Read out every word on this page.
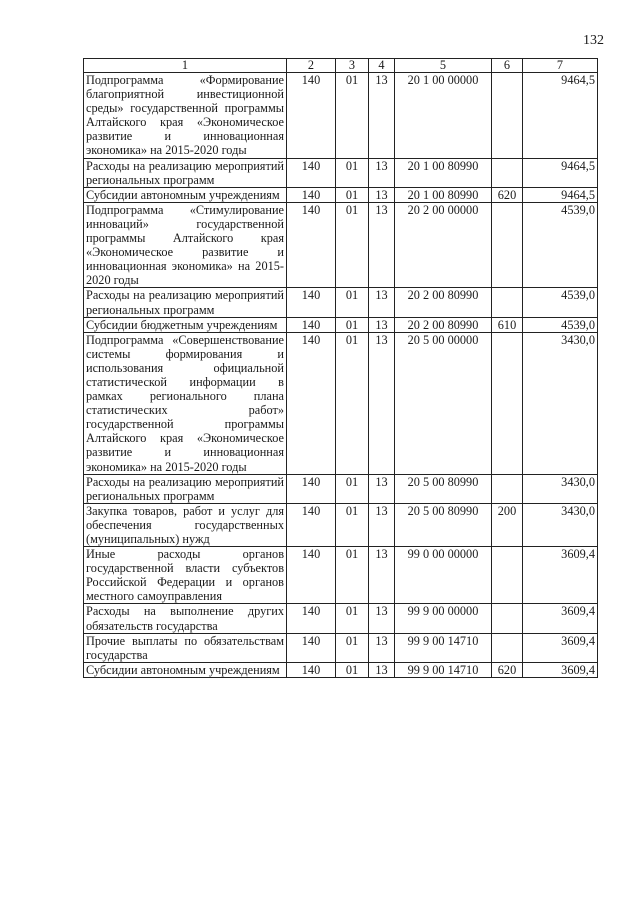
132
1	2	3	4	5	6	7
Подпрограмма «Формирование благоприятной инвестиционной среды» государственной программы Алтайского края «Экономическое развитие и инновационная экономика» на 2015-2020 годы	140	01	13	20 1 00 00000		9464,5
Расходы на реализацию мероприятий региональных программ	140	01	13	20 1 00 80990		9464,5
Субсидии автономным учреждениям	140	01	13	20 1 00 80990	620	9464,5
Подпрограмма «Стимулирование инноваций» государственной программы Алтайского края «Экономическое развитие и инновационная экономика» на 2015-2020 годы	140	01	13	20 2 00 00000		4539,0
Расходы на реализацию мероприятий региональных программ	140	01	13	20 2 00 80990		4539,0
Субсидии бюджетным учреждениям	140	01	13	20 2 00 80990	610	4539,0
Подпрограмма «Совершенствование системы формирования и использования официальной статистической информации в рамках регионального плана статистических работ» государственной программы Алтайского края «Экономическое развитие и инновационная экономика» на 2015-2020 годы	140	01	13	20 5 00 00000		3430,0
Расходы на реализацию мероприятий региональных программ	140	01	13	20 5 00 80990		3430,0
Закупка товаров, работ и услуг для обеспечения государственных (муниципальных) нужд	140	01	13	20 5 00 80990	200	3430,0
Иные расходы органов государственной власти субъектов Российской Федерации и органов местного самоуправления	140	01	13	99 0 00 00000		3609,4
Расходы на выполнение других обязательств государства	140	01	13	99 9 00 00000		3609,4
Прочие выплаты по обязательствам государства	140	01	13	99 9 00 14710		3609,4
Субсидии автономным учреждениям	140	01	13	99 9 00 14710	620	3609,4
